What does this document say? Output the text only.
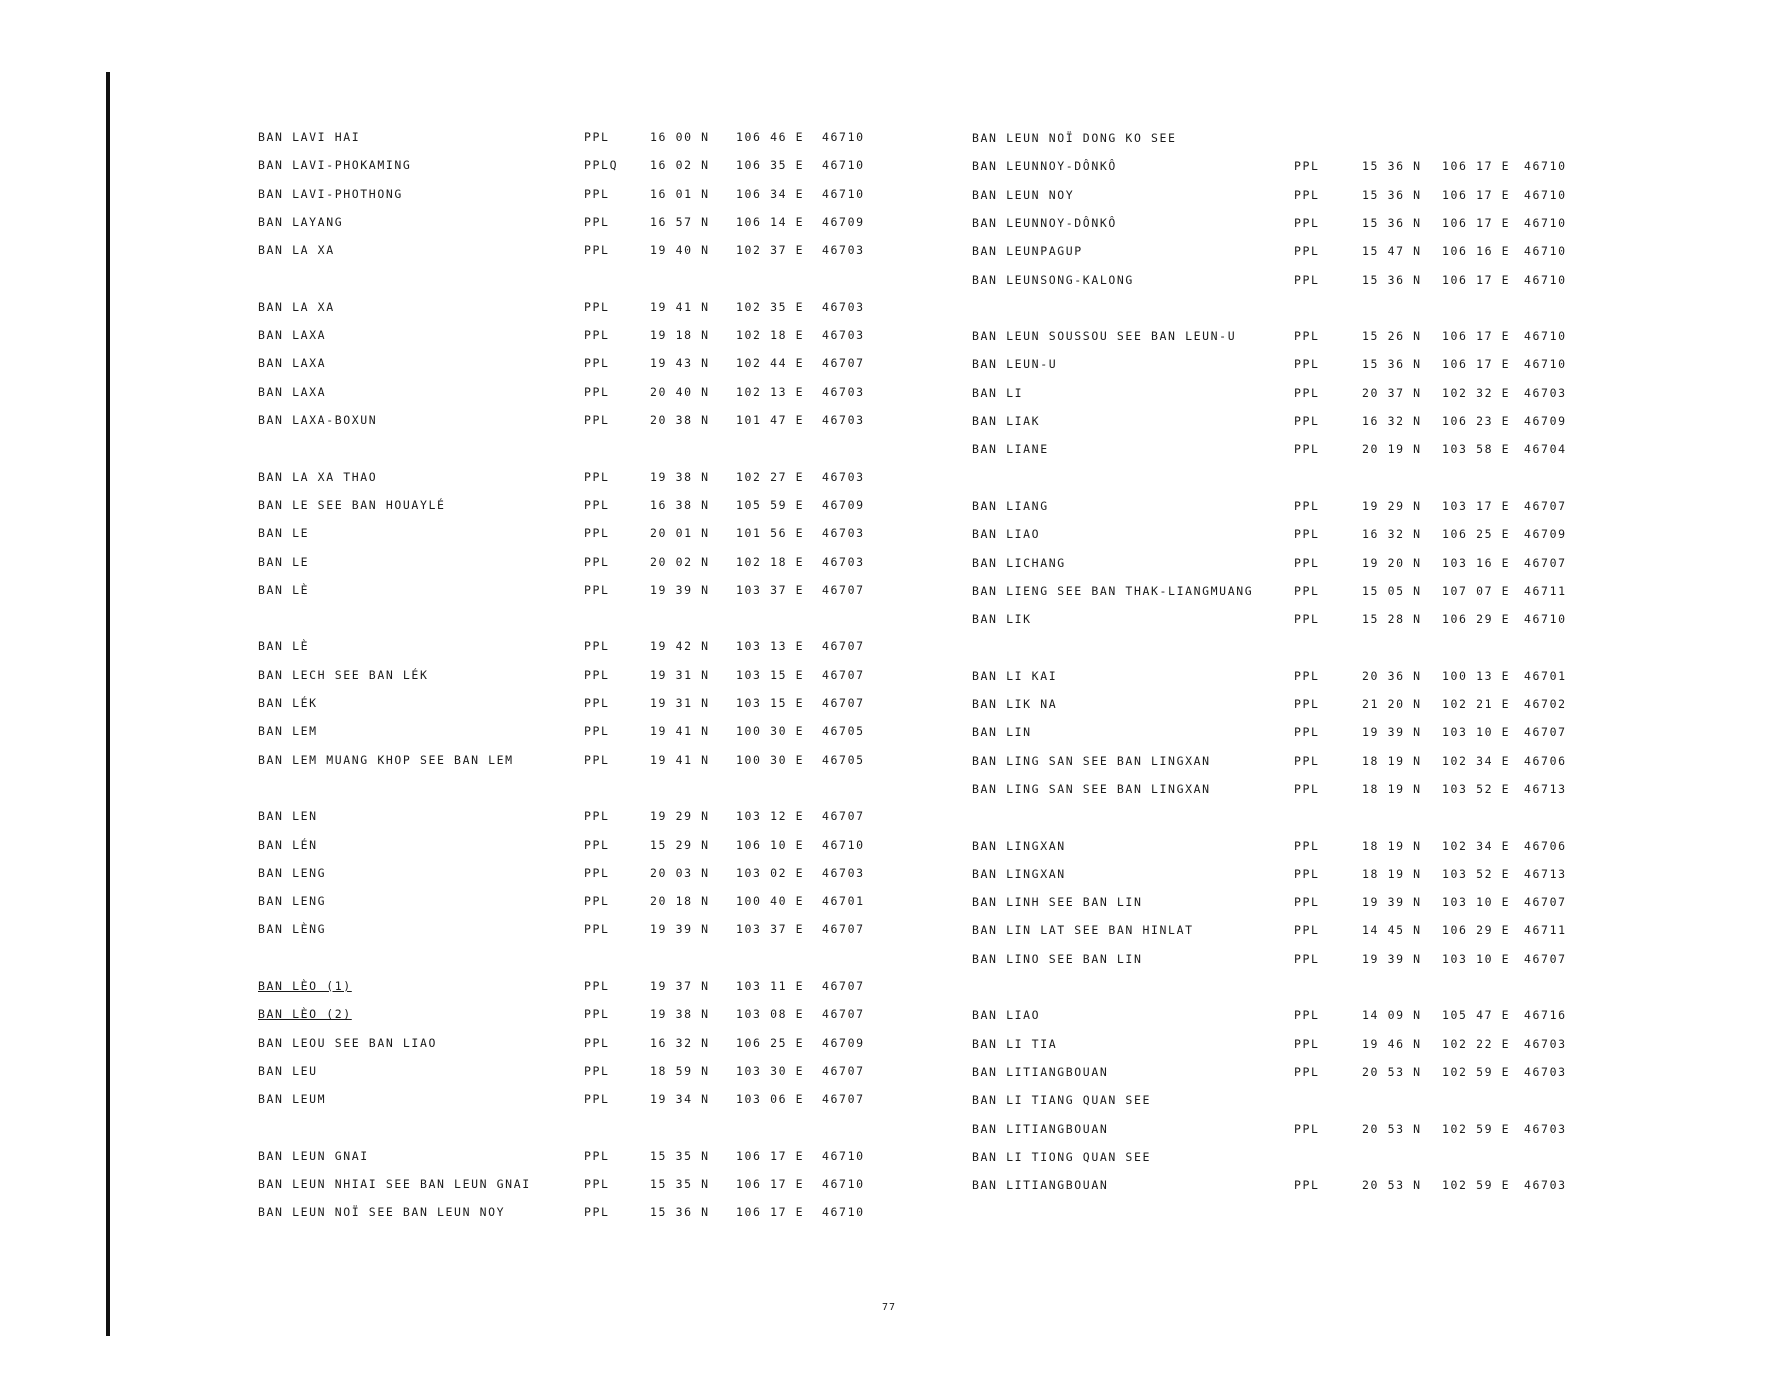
BAN LAVI HAI	PPL	16 00 N 106 46 E 46710
BAN LAVI-PHOKAMING	PPLQ	16 02 N 106 35 E 46710
BAN LAVI-PHOTHONG	PPL	16 01 N 106 34 E 46710
BAN LAYANG	PPL	16 57 N 106 14 E 46709
BAN LA XA	PPL	19 40 N 102 37 E 46703
BAN LA XA	PPL	19 41 N 102 35 E 46703
BAN LAXA	PPL	19 18 N 102 18 E 46703
BAN LAXA	PPL	19 43 N 102 44 E 46707
BAN LAXA	PPL	20 40 N 102 13 E 46703
BAN LAXA-BOXUN	PPL	20 38 N 101 47 E 46703
BAN LA XA THAO	PPL	19 38 N 102 27 E 46703
BAN LE SEE BAN HOUAYLÉ	PPL	16 38 N 105 59 E 46709
BAN LE	PPL	20 01 N 101 56 E 46703
BAN LE	PPL	20 02 N 102 18 E 46703
BAN LÈ	PPL	19 39 N 103 37 E 46707
BAN LÈ	PPL	19 42 N 103 13 E 46707
BAN LECH SEE BAN LÉK	PPL	19 31 N 103 15 E 46707
BAN LÉK	PPL	19 31 N 103 15 E 46707
BAN LEM	PPL	19 41 N 100 30 E 46705
BAN LEM MUANG KHOP SEE BAN LEM	PPL	19 41 N 100 30 E 46705
BAN LEN	PPL	19 29 N 103 12 E 46707
BAN LÉN	PPL	15 29 N 106 10 E 46710
BAN LENG	PPL	20 03 N 103 02 E 46703
BAN LENG	PPL	20 18 N 100 40 E 46701
BAN LÈNG	PPL	19 39 N 103 37 E 46707
BAN LÈO (1)	PPL	19 37 N 103 11 E 46707
BAN LÈO (2)	PPL	19 38 N 103 08 E 46707
BAN LEOU SEE BAN LIAO	PPL	16 32 N 106 25 E 46709
BAN LEU	PPL	18 59 N 103 30 E 46707
BAN LEUM	PPL	19 34 N 103 06 E 46707
BAN LEUN GNAI	PPL	15 35 N 106 17 E 46710
BAN LEUN NHIAI SEE BAN LEUN GNAI	PPL	15 35 N 106 17 E 46710
BAN LEUN NOÏ SEE BAN LEUN NOY	PPL	15 36 N 106 17 E 46710
BAN LEUN NOÏ DONG KO SEE
BAN LEUNNOY-DÔNKÔ	PPL	15 36 N 106 17 E 46710
BAN LEUN NOY	PPL	15 36 N 106 17 E 46710
BAN LEUNNOY-DÔNKÔ	PPL	15 36 N 106 17 E 46710
BAN LEUNPAGUP	PPL	15 47 N 106 16 E 46710
BAN LEUNSONG-KALONG	PPL	15 36 N 106 17 E 46710
BAN LEUN SOUSSOU SEE BAN LEUN-U	PPL	15 26 N 106 17 E 46710
BAN LEUN-U	PPL	15 36 N 106 17 E 46710
BAN LI	PPL	20 37 N 102 32 E 46703
BAN LIAK	PPL	16 32 N 106 23 E 46709
BAN LIANE	PPL	20 19 N 103 58 E 46704
BAN LIANG	PPL	19 29 N 103 17 E 46707
BAN LIAO	PPL	16 32 N 106 25 E 46709
BAN LICHANG	PPL	19 20 N 103 16 E 46707
BAN LIENG SEE BAN THAK-LIANGMUANG	PPL	15 05 N 107 07 E 46711
BAN LIK	PPL	15 28 N 106 29 E 46710
BAN LI KAI	PPL	20 36 N 100 13 E 46701
BAN LIK NA	PPL	21 20 N 102 21 E 46702
BAN LIN	PPL	19 39 N 103 10 E 46707
BAN LING SAN SEE BAN LINGXAN	PPL	18 19 N 102 34 E 46706
BAN LING SAN SEE BAN LINGXAN	PPL	18 19 N 103 52 E 46713
BAN LINGXAN	PPL	18 19 N 102 34 E 46706
BAN LINGXAN	PPL	18 19 N 103 52 E 46713
BAN LINH SEE BAN LIN	PPL	19 39 N 103 10 E 46707
BAN LIN LAT SEE BAN HINLAT	PPL	14 45 N 106 29 E 46711
BAN LINO SEE BAN LIN	PPL	19 39 N 103 10 E 46707
BAN LIAO	PPL	14 09 N 105 47 E 46716
BAN LI TIA	PPL	19 46 N 102 22 E 46703
BAN LITIANGBOUAN	PPL	20 53 N 102 59 E 46703
BAN LI TIANG QUAN SEE
BAN LITIANGBOUAN	PPL	20 53 N 102 59 E 46703
BAN LI TIONG QUAN SEE
BAN LITIANGBOUAN	PPL	20 53 N 102 59 E 46703
77
